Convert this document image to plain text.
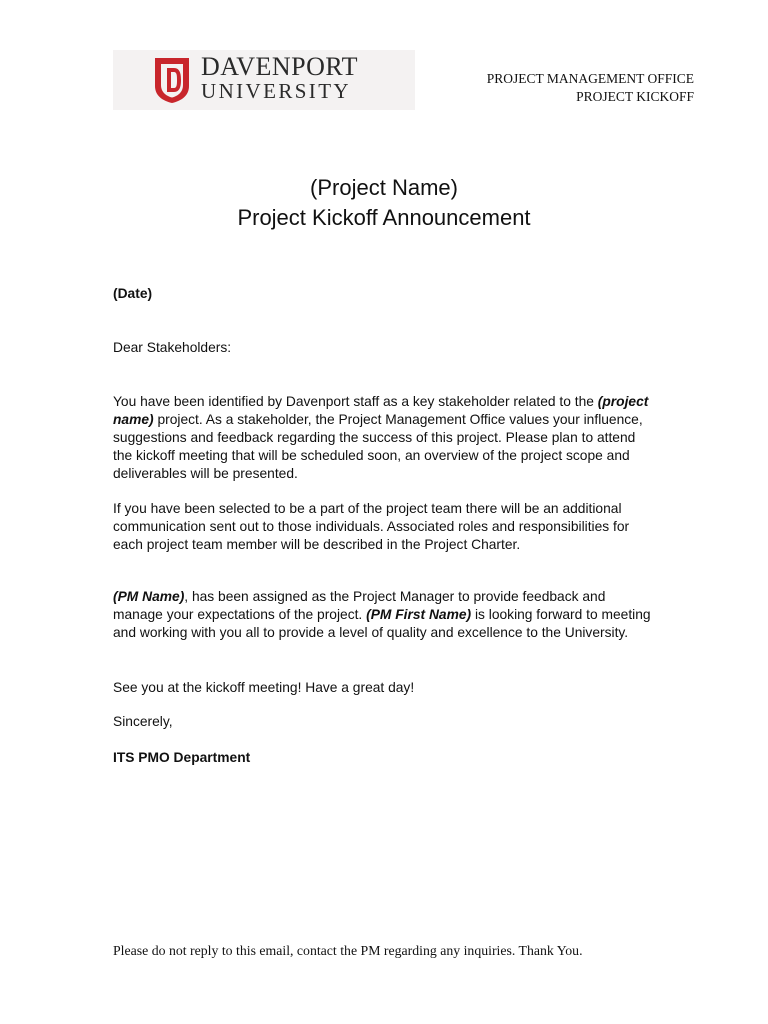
DAVENPORT
UNIVERSITY
PROJECT MANAGEMENT OFFICE
PROJECT KICKOFF
(Project Name)
Project Kickoff Announcement
(Date)
Dear Stakeholders:
You have been identified by Davenport staff as a key stakeholder related to the (project name) project. As a stakeholder, the Project Management Office values your influence, suggestions and feedback regarding the success of this project. Please plan to attend the kickoff meeting that will be scheduled soon, an overview of the project scope and deliverables will be presented.
If you have been selected to be a part of the project team there will be an additional communication sent out to those individuals. Associated roles and responsibilities for each project team member will be described in the Project Charter.
(PM Name), has been assigned as the Project Manager to provide feedback and manage your expectations of the project. (PM First Name) is looking forward to meeting and working with you all to provide a level of quality and excellence to the University.
See you at the kickoff meeting! Have a great day!
Sincerely,
ITS PMO Department
Please do not reply to this email, contact the PM regarding any inquiries. Thank You.
